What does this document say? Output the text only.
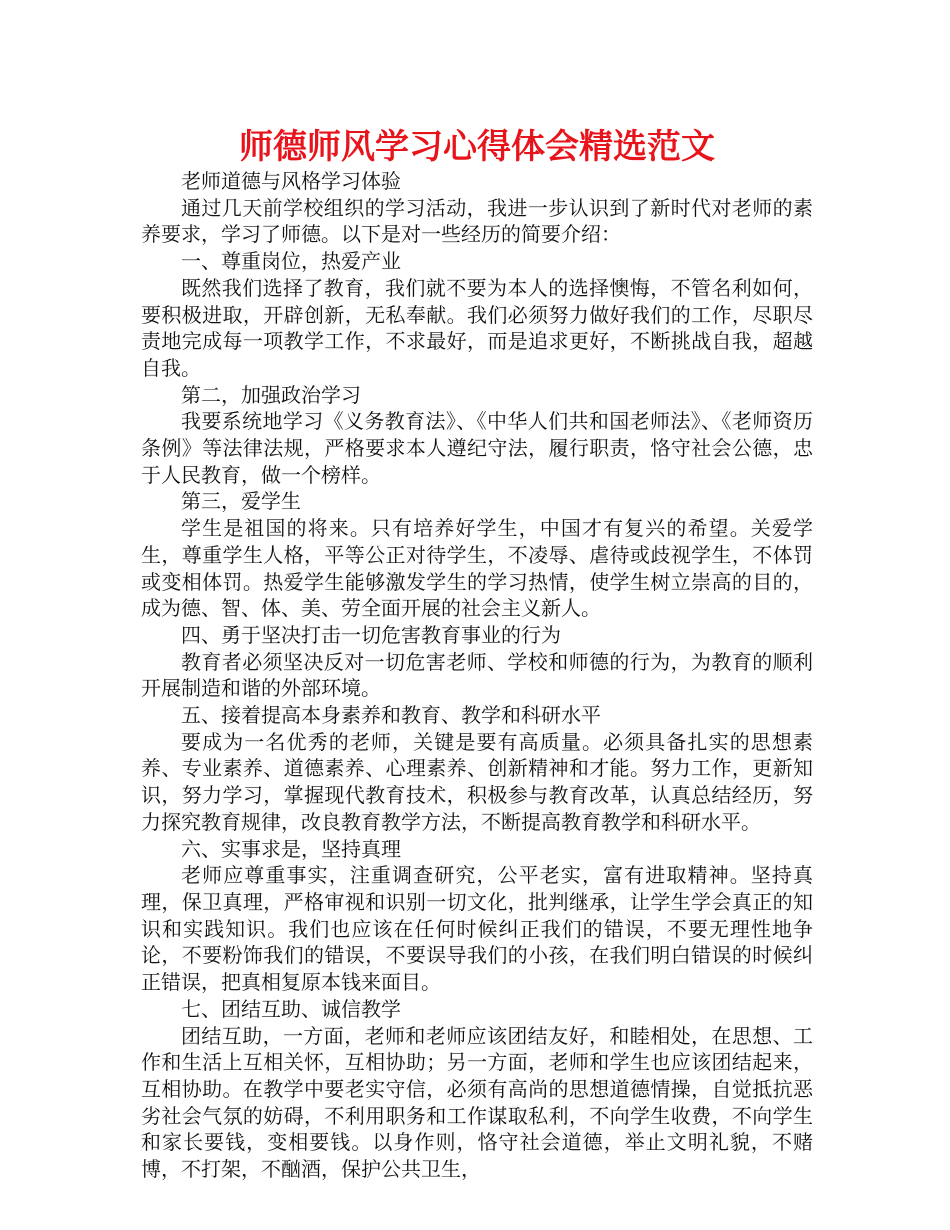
师德师风学习心得体会精选范文

老师道德与风格学习体验

通过几天前学校组织的学习活动，我进一步认识到了新时代对老师的素养要求，学习了师德。以下是对一些经历的简要介绍：

一、尊重岗位，热爱产业

既然我们选择了教育，我们就不要为本人的选择懊悔，不管名利如何，要积极进取，开辟创新，无私奉献。我们必须努力做好我们的工作，尽职尽责地完成每一项教学工作，不求最好，而是追求更好，不断挑战自我，超越自我。

第二，加强政治学习

我要系统地学习《义务教育法》、《中华人们共和国老师法》、《老师资历条例》等法律法规，严格要求本人遵纪守法，履行职责，恪守社会公德，忠于人民教育，做一个榜样。

第三，爱学生

学生是祖国的将来。只有培养好学生，中国才有复兴的希望。关爱学生，尊重学生人格，平等公正对待学生，不凌辱、虐待或歧视学生，不体罚或变相体罚。热爱学生能够激发学生的学习热情，使学生树立崇高的目的，成为德、智、体、美、劳全面开展的社会主义新人。

四、勇于坚决打击一切危害教育事业的行为

教育者必须坚决反对一切危害老师、学校和师德的行为，为教育的顺利开展制造和谐的外部环境。

五、接着提高本身素养和教育、教学和科研水平

要成为一名优秀的老师，关键是要有高质量。必须具备扎实的思想素养、专业素养、道德素养、心理素养、创新精神和才能。努力工作，更新知识，努力学习，掌握现代教育技术，积极参与教育改革，认真总结经历，努力探究教育规律，改良教育教学方法，不断提高教育教学和科研水平。

六、实事求是，坚持真理

老师应尊重事实，注重调查研究，公平老实，富有进取精神。坚持真理，保卫真理，严格审视和识别一切文化，批判继承，让学生学会真正的知识和实践知识。我们也应该在任何时候纠正我们的错误，不要无理性地争论，不要粉饰我们的错误，不要误导我们的小孩，在我们明白错误的时候纠正错误，把真相复原本钱来面目。

七、团结互助、诚信教学

团结互助，一方面，老师和老师应该团结友好，和睦相处，在思想、工作和生活上互相关怀，互相协助；另一方面，老师和学生也应该团结起来，互相协助。在教学中要老实守信，必须有高尚的思想道德情操，自觉抵抗恶劣社会气氛的妨碍，不利用职务和工作谋取私利，不向学生收费，不向学生和家长要钱，变相要钱。以身作则，恪守社会道德，举止文明礼貌，不赌博，不打架，不酗酒，保护公共卫生，
